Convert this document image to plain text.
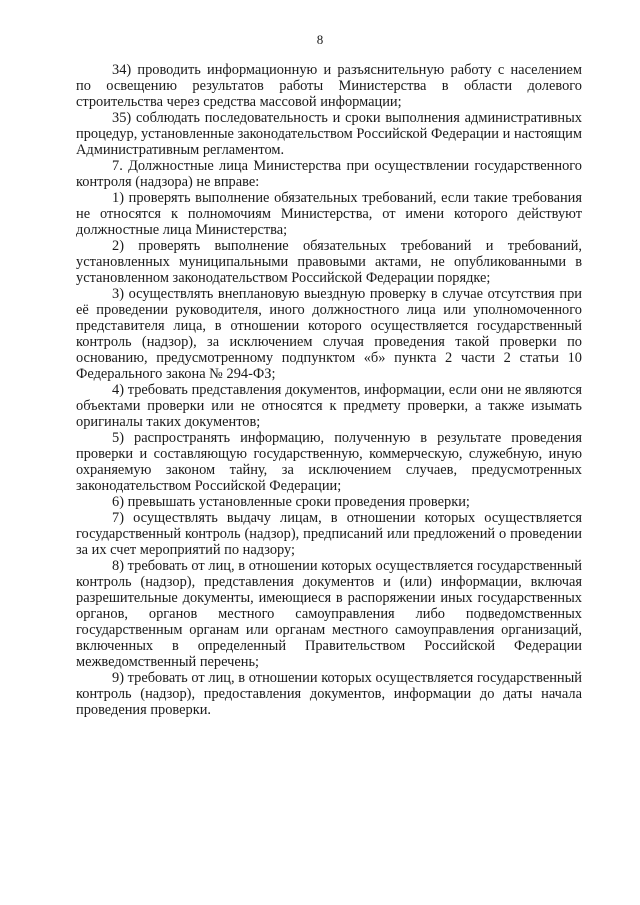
8

34) проводить информационную и разъяснительную работу с населением по освещению результатов работы Министерства в области долевого строительства через средства массовой информации;

35) соблюдать последовательность и сроки выполнения административных процедур, установленные законодательством Российской Федерации и настоящим Административным регламентом.

7. Должностные лица Министерства при осуществлении государственного контроля (надзора) не вправе:

1) проверять выполнение обязательных требований, если такие требования не относятся к полномочиям Министерства, от имени которого действуют должностные лица Министерства;

2) проверять выполнение обязательных требований и требований, установленных муниципальными правовыми актами, не опубликованными в установленном законодательством Российской Федерации порядке;

3) осуществлять внеплановую выездную проверку в случае отсутствия при её проведении руководителя, иного должностного лица или уполномоченного представителя лица, в отношении которого осуществляется государственный контроль (надзор), за исключением случая проведения такой проверки по основанию, предусмотренному подпунктом «б» пункта 2 части 2 статьи 10 Федерального закона № 294-ФЗ;

4) требовать представления документов, информации, если они не являются объектами проверки или не относятся к предмету проверки, а также изымать оригиналы таких документов;

5) распространять информацию, полученную в результате проведения проверки и составляющую государственную, коммерческую, служебную, иную охраняемую законом тайну, за исключением случаев, предусмотренных законодательством Российской Федерации;

6) превышать установленные сроки проведения проверки;

7) осуществлять выдачу лицам, в отношении которых осуществляется государственный контроль (надзор), предписаний или предложений о проведении за их счет мероприятий по надзору;

8) требовать от лиц, в отношении которых осуществляется государственный контроль (надзор), представления документов и (или) информации, включая разрешительные документы, имеющиеся в распоряжении иных государственных органов, органов местного самоуправления либо подведомственных государственным органам или органам местного самоуправления организаций, включенных в определенный Правительством Российской Федерации межведомственный перечень;

9) требовать от лиц, в отношении которых осуществляется государственный контроль (надзор), предоставления документов, информации до даты начала проведения проверки.
